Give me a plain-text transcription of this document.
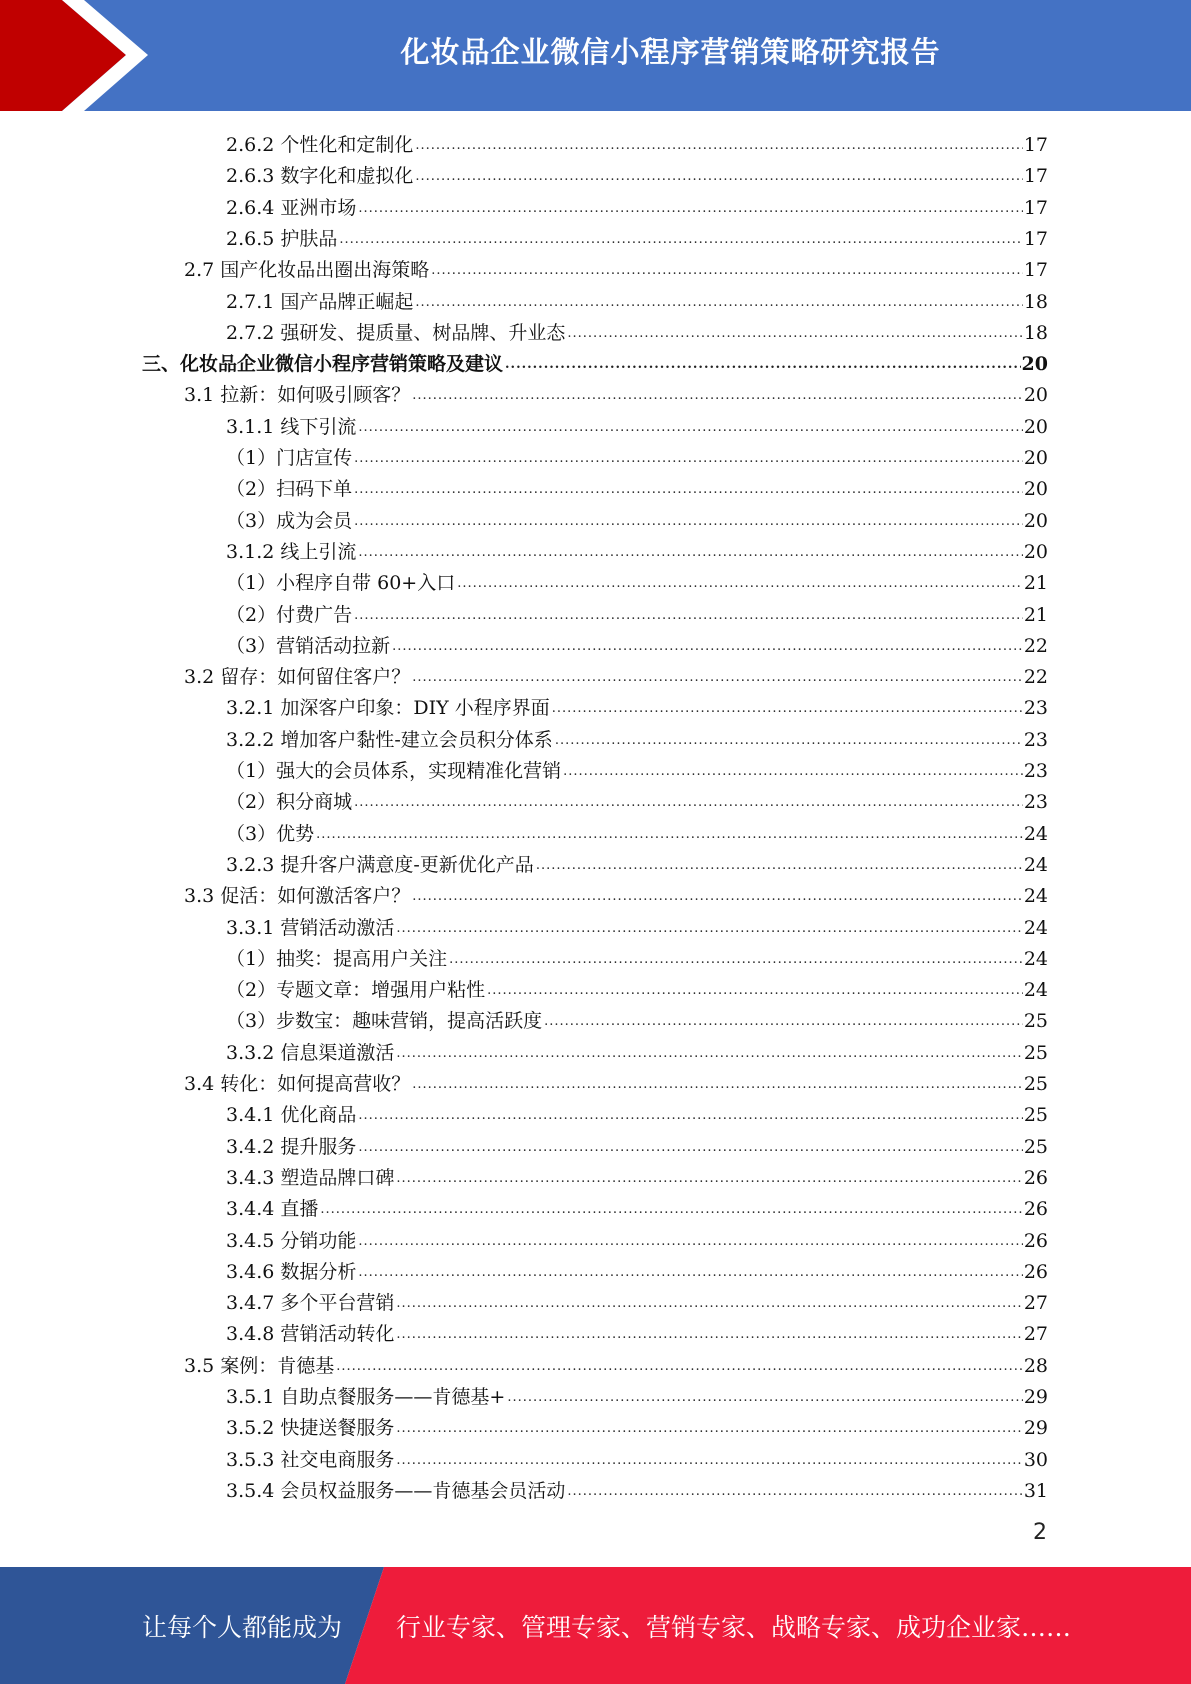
化妆品企业微信小程序营销策略研究报告
2.6.2 个性化和定制化 .....	17
2.6.3 数字化和虚拟化 .....	17
2.6.4 亚洲市场 .....	17
2.6.5 护肤品 .....	17
2.7 国产化妆品出圈出海策略 .....	17
2.7.1 国产品牌正崛起 .....	18
2.7.2 强研发、提质量、树品牌、升业态 .....	18
三、化妆品企业微信小程序营销策略及建议 .....	20
3.1 拉新：如何吸引顾客？ .....	20
3.1.1 线下引流 .....	20
（1）门店宣传 .....	20
（2）扫码下单 .....	20
（3）成为会员 .....	20
3.1.2 线上引流 .....	20
（1）小程序自带 60+入口 .....	21
（2）付费广告 .....	21
（3）营销活动拉新 .....	22
3.2 留存：如何留住客户？ .....	22
3.2.1 加深客户印象：DIY 小程序界面 .....	23
3.2.2 增加客户黏性-建立会员积分体系 .....	23
（1）强大的会员体系，实现精准化营销 .....	23
（2）积分商城 .....	23
（3）优势 .....	24
3.2.3 提升客户满意度-更新优化产品 .....	24
3.3 促活：如何激活客户？ .....	24
3.3.1 营销活动激活 .....	24
（1）抽奖：提高用户关注 .....	24
（2）专题文章：增强用户粘性 .....	24
（3）步数宝：趣味营销，提高活跃度 .....	25
3.3.2 信息渠道激活 .....	25
3.4 转化：如何提高营收？ .....	25
3.4.1 优化商品 .....	25
3.4.2 提升服务 .....	25
3.4.3 塑造品牌口碑 .....	26
3.4.4 直播 .....	26
3.4.5 分销功能 .....	26
3.4.6 数据分析 .....	26
3.4.7 多个平台营销 .....	27
3.4.8 营销活动转化 .....	27
3.5 案例：肯德基 .....	28
3.5.1 自助点餐服务——肯德基+ .....	29
3.5.2 快捷送餐服务 .....	29
3.5.3 社交电商服务 .....	30
3.5.4 会员权益服务——肯德基会员活动 .....	31
2
让每个人都能成为 行业专家、管理专家、营销专家、战略专家、成功企业家……
